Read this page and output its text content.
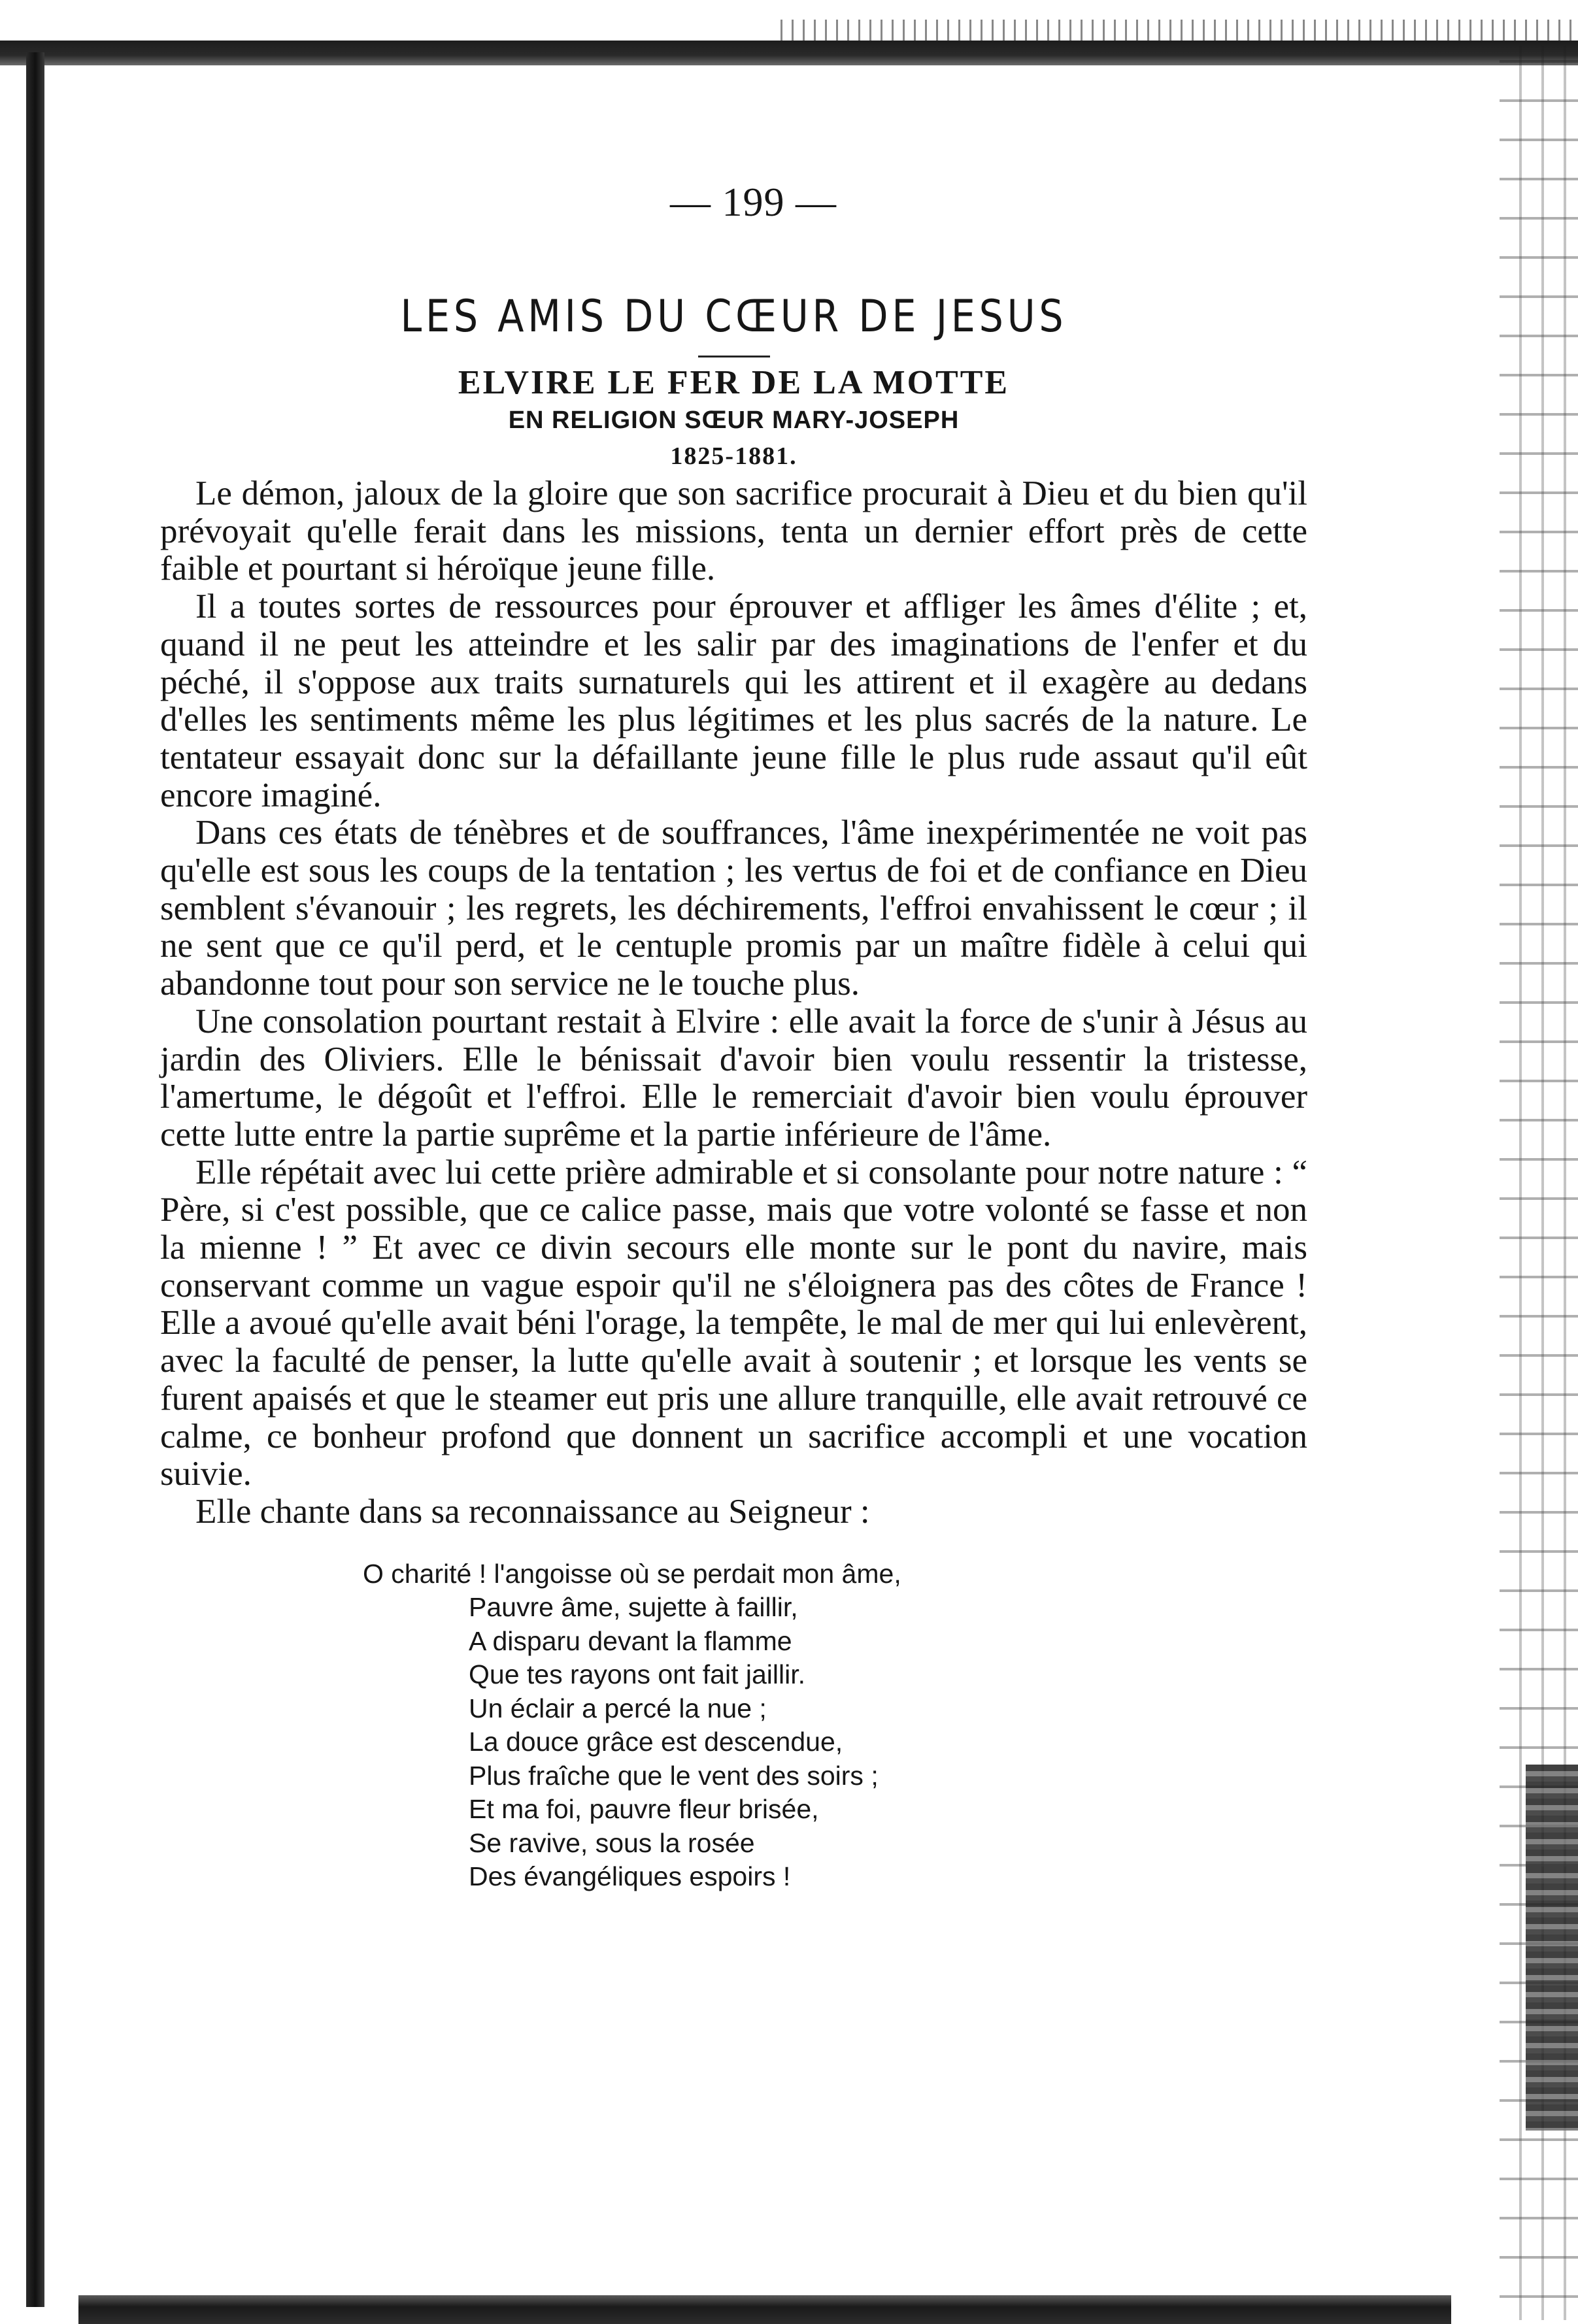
— 199 —
LES AMIS DU CŒUR DE JESUS
ELVIRE LE FER DE LA MOTTE
EN RELIGION SŒUR MARY-JOSEPH
1825-1881.

Le démon, jaloux de la gloire que son sacrifice procurait à Dieu et du bien qu'il prévoyait qu'elle ferait dans les missions, tenta un dernier effort près de cette faible et pourtant si héroïque jeune fille.

Il a toutes sortes de ressources pour éprouver et affliger les âmes d'élite ; et, quand il ne peut les atteindre et les salir par des imaginations de l'enfer et du péché, il s'oppose aux traits surnaturels qui les attirent et il exagère au dedans d'elles les sentiments même les plus légitimes et les plus sacrés de la nature. Le tentateur essayait donc sur la défaillante jeune fille le plus rude assaut qu'il eût encore imaginé.

Dans ces états de ténèbres et de souffrances, l'âme inexpérimentée ne voit pas qu'elle est sous les coups de la tentation ; les vertus de foi et de confiance en Dieu semblent s'évanouir ; les regrets, les déchirements, l'effroi envahissent le cœur ; il ne sent que ce qu'il perd, et le centuple promis par un maître fidèle à celui qui abandonne tout pour son service ne le touche plus.

Une consolation pourtant restait à Elvire : elle avait la force de s'unir à Jésus au jardin des Oliviers. Elle le bénissait d'avoir bien voulu ressentir la tristesse, l'amertume, le dégoût et l'effroi. Elle le remerciait d'avoir bien voulu éprouver cette lutte entre la partie suprême et la partie inférieure de l'âme.

Elle répétait avec lui cette prière admirable et si consolante pour notre nature : “ Père, si c'est possible, que ce calice passe, mais que votre volonté se fasse et non la mienne ! ” Et avec ce divin secours elle monte sur le pont du navire, mais conservant comme un vague espoir qu'il ne s'éloignera pas des côtes de France ! Elle a avoué qu'elle avait béni l'orage, la tempête, le mal de mer qui lui enlevèrent, avec la faculté de penser, la lutte qu'elle avait à soutenir ; et lorsque les vents se furent apaisés et que le steamer eut pris une allure tranquille, elle avait retrouvé ce calme, ce bonheur profond que donnent un sacrifice accompli et une vocation suivie.

Elle chante dans sa reconnaissance au Seigneur :

O charité ! l'angoisse où se perdait mon âme,
Pauvre âme, sujette à faillir,
A disparu devant la flamme
Que tes rayons ont fait jaillir.
Un éclair a percé la nue ;
La douce grâce est descendue,
Plus fraîche que le vent des soirs ;
Et ma foi, pauvre fleur brisée,
Se ravive, sous la rosée
Des évangéliques espoirs !
